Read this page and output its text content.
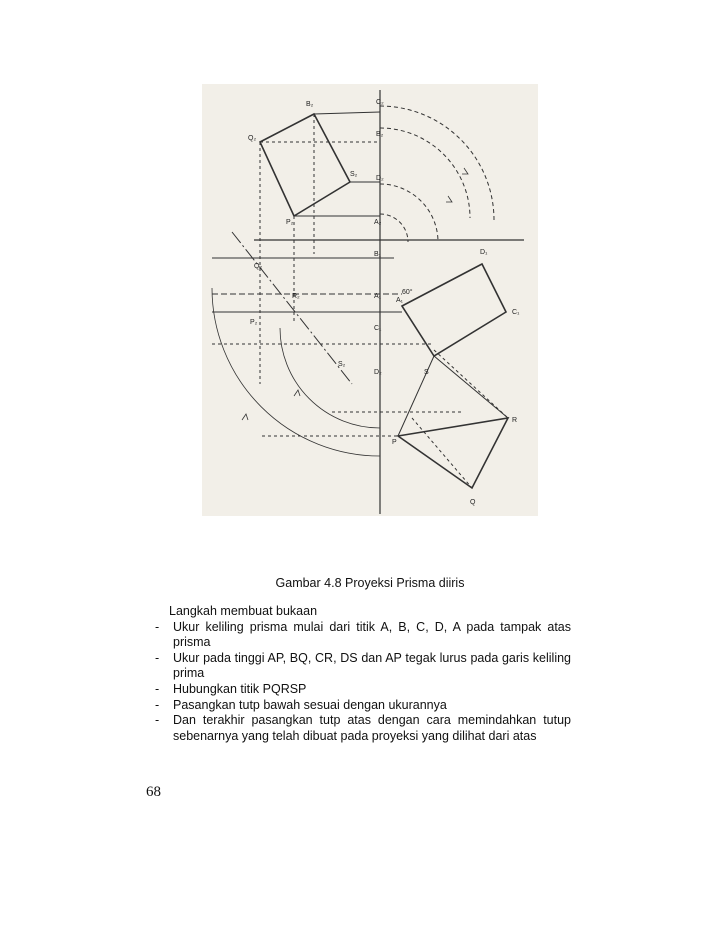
B₂	C₂
Q₂
B₂
S₂
D₂
P₂	A₂
B₁
Q₂
R₂
P₂
A₁
C₁
A₁
60°
D₁
C₁
S₂
D₂	S
R
P
Q
Gambar 4.8 Proyeksi Prisma diiris
Langkah membuat bukaan
-	Ukur keliling prisma mulai dari titik A, B, C, D, A pada tampak atas prisma
-	Ukur pada tinggi AP, BQ, CR, DS dan AP tegak lurus pada garis keliling prima
-	Hubungkan titik PQRSP
-	Pasangkan tutp bawah sesuai dengan ukurannya
-	Dan terakhir pasangkan tutp atas dengan cara memindahkan tutup sebenarnya yang telah dibuat pada proyeksi yang dilihat dari atas
68
